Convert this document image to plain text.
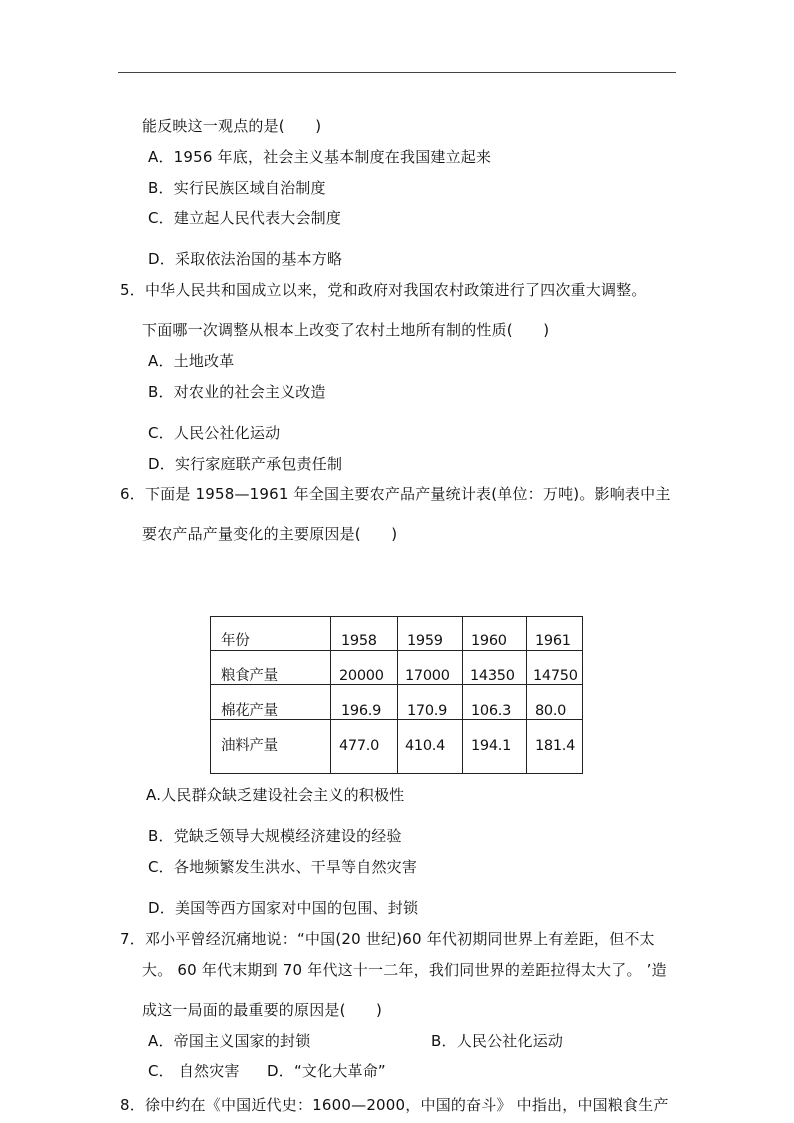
能反映这一观点的是(　　)
A．1956 年底，社会主义基本制度在我国建立起来
B．实行民族区域自治制度
C．建立起人民代表大会制度
D．采取依法治国的基本方略
5．中华人民共和国成立以来，党和政府对我国农村政策进行了四次重大调整。
下面哪一次调整从根本上改变了农村土地所有制的性质(　　)
A．土地改革
B．对农业的社会主义改造
C．人民公社化运动
D．实行家庭联产承包责任制
6．下面是 1958—1961 年全国主要农产品产量统计表(单位：万吨)。影响表中主
要农产品产量变化的主要原因是(　　)
年份	1958 1959 1960 1961
粮食产量	20000 17000 14350 14750
棉花产量	196.9 170.9 106.3 80.0
油料产量	477.0 410.4 194.1 181.4
A.人民群众缺乏建设社会主义的积极性
B．党缺乏领导大规模经济建设的经验
C．各地频繁发生洪水、干旱等自然灾害
D．美国等西方国家对中国的包围、封锁
7．邓小平曾经沉痛地说：“中国(20 世纪)60 年代初期同世界上有差距，但不太
大。 60 年代末期到 70 年代这十一二年，我们同世界的差距拉得太大了。 ’造
成这一局面的最重要的原因是(　　)
A．帝国主义国家的封锁	B．人民公社化运动
C． 自然灾害 D．“文化大革命”
8．徐中约在《中国近代史：1600—2000，中国的奋斗》 中指出，中国粮食生产
